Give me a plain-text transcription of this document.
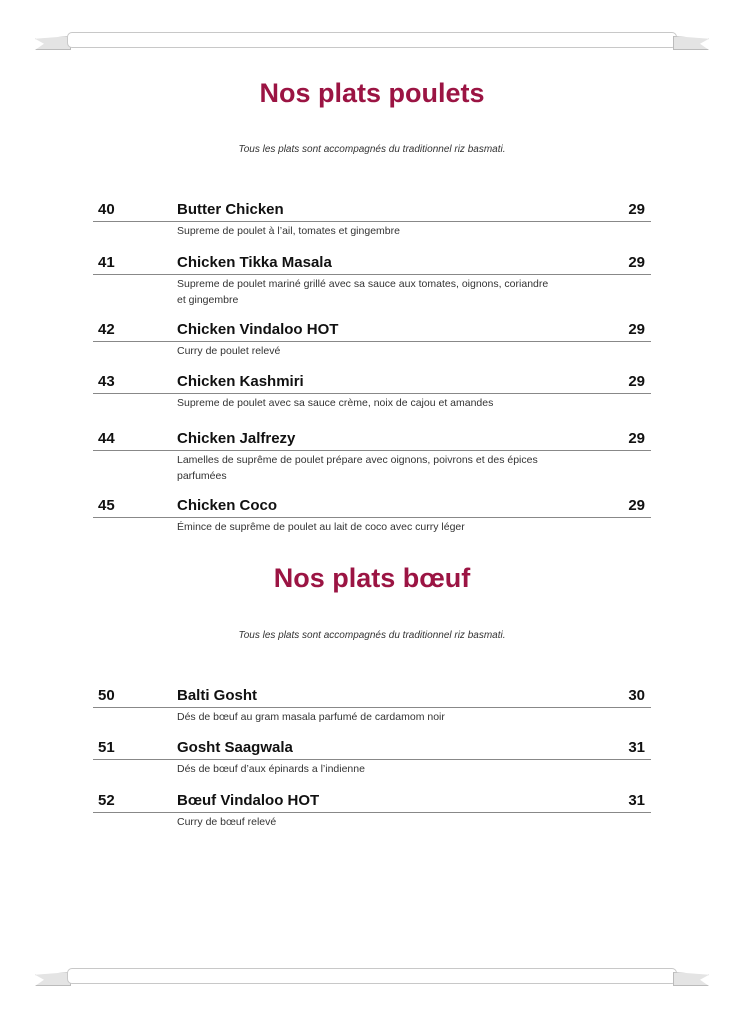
Nos plats poulets
Tous les plats sont accompagnés du traditionnel riz basmati.
Nos plats bœuf
Tous les plats sont accompagnés du traditionnel riz basmati.
40	Butter Chicken	29
Supreme de poulet à l’ail, tomates et gingembre
41	Chicken Tikka Masala	29
Supreme de poulet mariné grillé avec sa sauce aux tomates, oignons, coriandre et gingembre
42	Chicken Vindaloo HOT	29
Curry de poulet relevé
43	Chicken Kashmiri	29
Supreme de poulet avec sa sauce crème, noix de cajou et amandes
44	Chicken Jalfrezy	29
Lamelles de suprême de poulet prépare avec oignons, poivrons et des épices parfumées
45	Chicken Coco	29
Émince de suprême de poulet au lait de coco avec curry léger
50	Balti Gosht	30
Dés de bœuf au gram masala parfumé de cardamom noir
51	Gosht Saagwala	31
Dés de bœuf d’aux épinards a l’indienne
52	Bœuf Vindaloo HOT	31
Curry de bœuf relevé
